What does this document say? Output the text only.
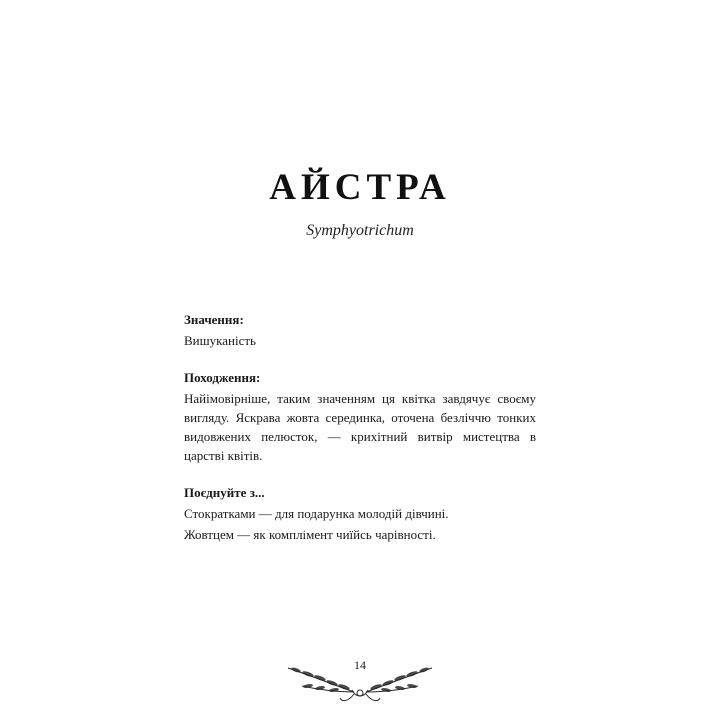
АЙСТРА
Symphyotrichum

Значення:

Вишуканість

Походження:

Найімовірніше, таким значенням ця квітка завдячує своєму вигляду. Яскрава жовта серединка, оточена безліччю тонких видовжених пелюсток, — крихітний витвір мистецтва в царстві квітів.

Поєднуйте з...

Стократками — для подарунка молодій дівчині.

Жовтцем — як комплімент чиїйсь чарівності.

14
